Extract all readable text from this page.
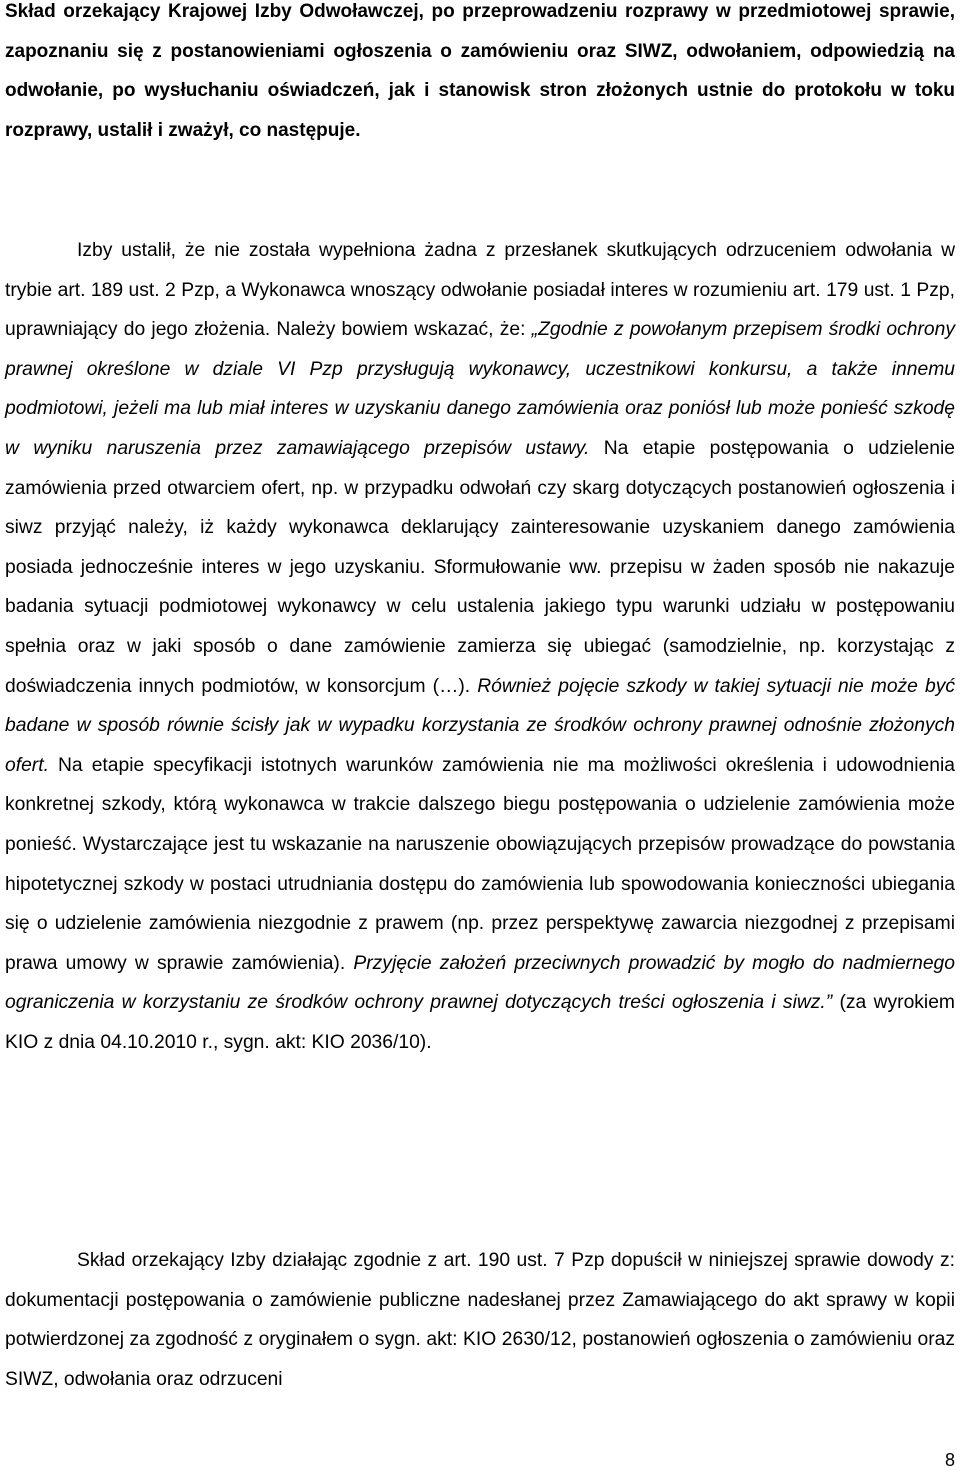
Skład orzekający Krajowej Izby Odwoławczej, po przeprowadzeniu rozprawy w przedmiotowej sprawie, zapoznaniu się z postanowieniami ogłoszenia o zamówieniu oraz SIWZ, odwołaniem, odpowiedzią na odwołanie, po wysłuchaniu oświadczeń, jak i stanowisk stron złożonych ustnie do protokołu w toku rozprawy, ustalił i zważył, co następuje.

Izby ustalił, że nie została wypełniona żadna z przesłanek skutkujących odrzuceniem odwołania w trybie art. 189 ust. 2 Pzp, a Wykonawca wnoszący odwołanie posiadał interes w rozumieniu art. 179 ust. 1 Pzp, uprawniający do jego złożenia. Należy bowiem wskazać, że: „Zgodnie z powołanym przepisem środki ochrony prawnej określone w dziale VI Pzp przysługują wykonawcy, uczestnikowi konkursu, a także innemu podmiotowi, jeżeli ma lub miał interes w uzyskaniu danego zamówienia oraz poniósł lub może ponieść szkodę w wyniku naruszenia przez zamawiającego przepisów ustawy. Na etapie postępowania o udzielenie zamówienia przed otwarciem ofert, np. w przypadku odwołań czy skarg dotyczących postanowień ogłoszenia i siwz przyjąć należy, iż każdy wykonawca deklarujący zainteresowanie uzyskaniem danego zamówienia posiada jednocześnie interes w jego uzyskaniu. Sformułowanie ww. przepisu w żaden sposób nie nakazuje badania sytuacji podmiotowej wykonawcy w celu ustalenia jakiego typu warunki udziału w postępowaniu spełnia oraz w jaki sposób o dane zamówienie zamierza się ubiegać (samodzielnie, np. korzystając z doświadczenia innych podmiotów, w konsorcjum (…). Również pojęcie szkody w takiej sytuacji nie może być badane w sposób równie ścisły jak w wypadku korzystania ze środków ochrony prawnej odnośnie złożonych ofert. Na etapie specyfikacji istotnych warunków zamówienia nie ma możliwości określenia i udowodnienia konkretnej szkody, którą wykonawca w trakcie dalszego biegu postępowania o udzielenie zamówienia może ponieść. Wystarczające jest tu wskazanie na naruszenie obowiązujących przepisów prowadzące do powstania hipotetycznej szkody w postaci utrudniania dostępu do zamówienia lub spowodowania konieczności ubiegania się o udzielenie zamówienia niezgodnie z prawem (np. przez perspektywę zawarcia niezgodnej z przepisami prawa umowy w sprawie zamówienia). Przyjęcie założeń przeciwnych prowadzić by mogło do nadmiernego ograniczenia w korzystaniu ze środków ochrony prawnej dotyczących treści ogłoszenia i siwz.” (za wyrokiem KIO z dnia 04.10.2010 r., sygn. akt: KIO 2036/10).

Skład orzekający Izby działając zgodnie z art. 190 ust. 7 Pzp dopuścił w niniejszej sprawie dowody z: dokumentacji postępowania o zamówienie publiczne nadesłanej przez Zamawiającego do akt sprawy w kopii potwierdzonej za zgodność z oryginałem o sygn. akt: KIO 2630/12, postanowień ogłoszenia o zamówieniu oraz SIWZ, odwołania oraz odrzuceni

8
